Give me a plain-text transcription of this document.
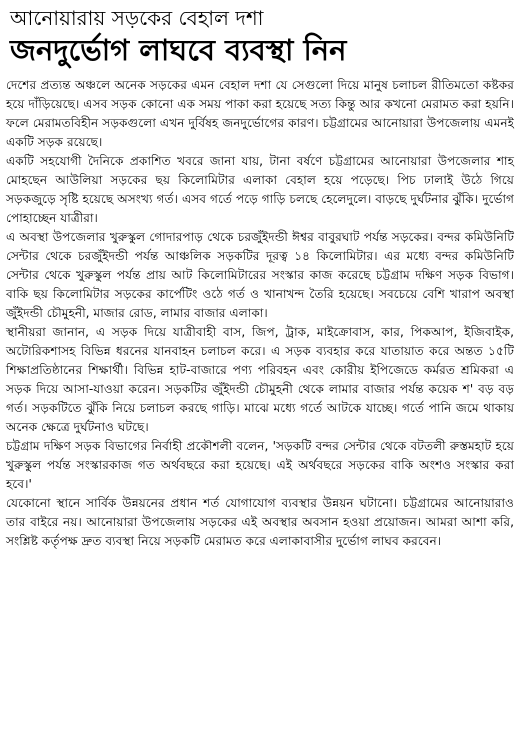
আনোয়ারায় সড়কের বেহাল দশা
জনদুর্ভোগ লাঘবে ব্যবস্থা নিন

দেশের প্রত্যন্ত অঞ্চলে অনেক সড়কের এমন বেহাল দশা যে সেগুলো দিয়ে মানুষ চলাচল রীতিমতো কষ্টকর হয়ে দাঁড়িয়েছে। এসব সড়ক কোনো এক সময় পাকা করা হয়েছে সত্য কিন্তু আর কখনো মেরামত করা হয়নি। ফলে মেরামতবিহীন সড়কগুলো এখন দুর্বিষহ জনদুর্ভোগের কারণ। চট্টগ্রামের আনোয়ারা উপজেলায় এমনই একটি সড়ক রয়েছে।

একটি সহযোগী দৈনিকে প্রকাশিত খবরে জানা যায়, টানা বর্ষণে চট্টগ্রামের আনোয়ারা উপজেলার শাহ মোহছেন আউলিয়া সড়কের ছয় কিলোমিটার এলাকা বেহাল হয়ে পড়েছে। পিচ ঢালাই উঠে গিয়ে সড়কজুড়ে সৃষ্টি হয়েছে অসংখ্য গর্ত। এসব গর্তে পড়ে গাড়ি চলছে হেলেদুলে। বাড়ছে দুর্ঘটনার ঝুঁকি। দুর্ভোগ পোহাচ্ছেন যাত্রীরা।

এ অবস্থা উপজেলার খুরুস্কুল গোদারপাড় থেকে চরজুঁইদন্ডী ঈশ্বর বাবুরঘাট পর্যন্ত সড়কের। বন্দর কমিউনিটি সেন্টার থেকে চরজুঁইদন্ডী পর্যন্ত আঞ্চলিক সড়কটির দূরত্ব ১৪ কিলোমিটার। এর মধ্যে বন্দর কমিউনিটি সেন্টার থেকে খুরুস্কুল পর্যন্ত প্রায় আট কিলোমিটারের সংস্কার কাজ করেছে চট্টগ্রাম দক্ষিণ সড়ক বিভাগ। বাকি ছয় কিলোমিটার সড়কের কার্পেটিং ওঠে গর্ত ও খানাখন্দ তৈরি হয়েছে। সবচেয়ে বেশি খারাপ অবস্থা জুঁইদন্ডী চৌমুহনী, মাজার রোড, লামার বাজার এলাকা।

স্থানীয়রা জানান, এ সড়ক দিয়ে যাত্রীবাহী বাস, জিপ, ট্রাক, মাইক্রোবাস, কার, পিকআপ, ইজিবাইক, অটোরিকশাসহ বিভিন্ন ধরনের যানবাহন চলাচল করে। এ সড়ক ব্যবহার করে যাতায়াত করে অন্তত ১৫টি শিক্ষাপ্রতিষ্ঠানের শিক্ষার্থী। বিভিন্ন হাট-বাজারে পণ্য পরিবহন এবং কোরীয় ইপিজেডে কর্মরত শ্রমিকরা এ সড়ক দিয়ে আসা-যাওয়া করেন। সড়কটির জুঁইদন্ডী চৌমুহনী থেকে লামার বাজার পর্যন্ত কয়েক শ' বড় বড় গর্ত। সড়কটিতে ঝুঁকি নিয়ে চলাচল করছে গাড়ি। মাঝে মধ্যে গর্তে আটকে যাচ্ছে। গর্তে পানি জমে থাকায় অনেক ক্ষেত্রে দুর্ঘটনাও ঘটছে।

চট্টগ্রাম দক্ষিণ সড়ক বিভাগের নির্বাহী প্রকৌশলী বলেন, 'সড়কটি বন্দর সেন্টার থেকে বটতলী রুস্তমহাট হয়ে খুরুস্কুল পর্যন্ত সংস্কারকাজ গত অর্থবছরে করা হয়েছে। এই অর্থবছরে সড়কের বাকি অংশও সংস্কার করা হবে।'

যেকোনো স্থানে সার্বিক উন্নয়নের প্রধান শর্ত যোগাযোগ ব্যবস্থার উন্নয়ন ঘটানো। চট্টগ্রামের আনোয়ারাও তার বাইরে নয়। আনোয়ারা উপজেলায় সড়কের এই অবস্থার অবসান হওয়া প্রয়োজন। আমরা আশা করি, সংশ্লিষ্ট কর্তৃপক্ষ দ্রুত ব্যবস্থা নিয়ে সড়কটি মেরামত করে এলাকাবাসীর দুর্ভোগ লাঘব করবেন।
